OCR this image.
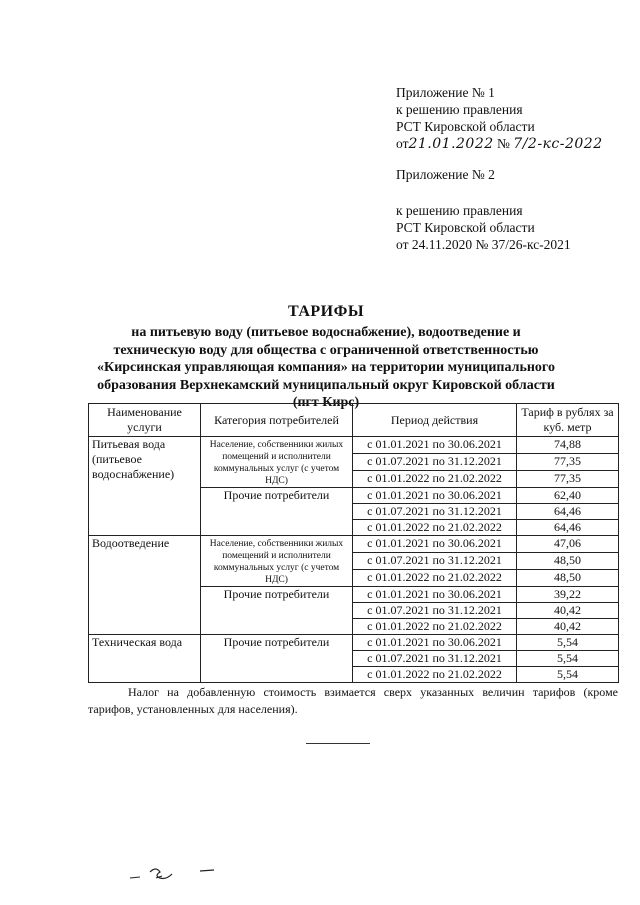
Приложение № 1
к решению правления
РСТ Кировской области
от21.01.2022 № 7/2-кс-2022
Приложение № 2
к решению правления
РСТ Кировской области
от 24.11.2020 № 37/26-кс-2021
ТАРИФЫ
на питьевую воду (питьевое водоснабжение), водоотведение и
техническую воду для общества с ограниченной ответственностью
«Кирсинская управляющая компания» на территории муниципального
образования Верхнекамский муниципальный округ Кировской области
(пгт Кирс)
Наименование услуги	Категория потребителей	Период действия	Тариф в рублях за куб. метр
Питьевая вода (питьевое водоснабжение)	Население, собственники жилых помещений и исполнители коммунальных услуг (с учетом НДС)	с 01.01.2021 по 30.06.2021	74,88
		с 01.07.2021 по 31.12.2021	77,35
		с 01.01.2022 по 21.02.2022	77,35
	Прочие потребители	с 01.01.2021 по 30.06.2021	62,40
		с 01.07.2021 по 31.12.2021	64,46
		с 01.01.2022 по 21.02.2022	64,46
Водоотведение	Население, собственники жилых помещений и исполнители коммунальных услуг (с учетом НДС)	с 01.01.2021 по 30.06.2021	47,06
		с 01.07.2021 по 31.12.2021	48,50
		с 01.01.2022 по 21.02.2022	48,50
	Прочие потребители	с 01.01.2021 по 30.06.2021	39,22
		с 01.07.2021 по 31.12.2021	40,42
		с 01.01.2022 по 21.02.2022	40,42
Техническая вода	Прочие потребители	с 01.01.2021 по 30.06.2021	5,54
		с 01.07.2021 по 31.12.2021	5,54
		с 01.01.2022 по 21.02.2022	5,54
Налог на добавленную стоимость взимается сверх указанных величин тарифов (кроме тарифов, установленных для населения).
